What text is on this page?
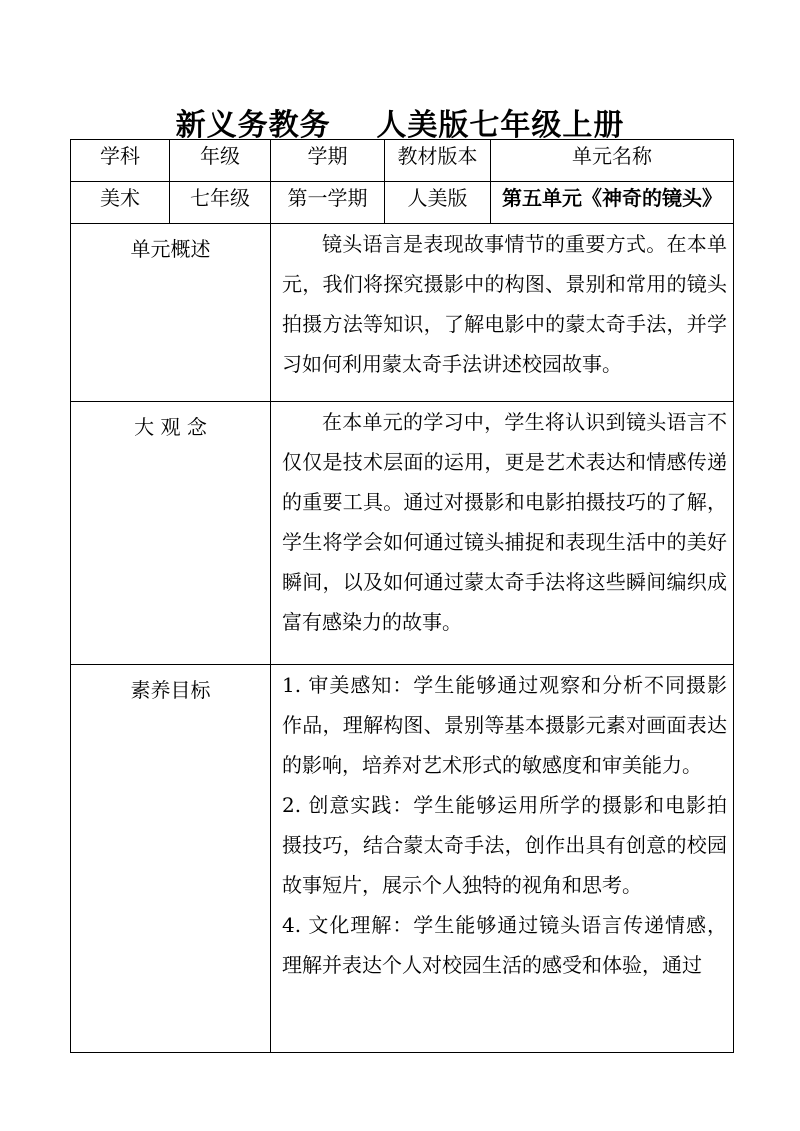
新义务教务    人美版七年级上册
学科	年级	学期	教材版本	单元名称
美术	七年级	第一学期	人美版	第五单元《神奇的镜头》
单元概述		镜头语言是表现故事情节的重要方式。在本单元，我们将探究摄影中的构图、景别和常用的镜头拍摄方法等知识，了解电影中的蒙太奇手法，并学习如何利用蒙太奇手法讲述校园故事。		

大 观 念		在本单元的学习中，学生将认识到镜头语言不仅仅是技术层面的运用，更是艺术表达和情感传递的重要工具。通过对摄影和电影拍摄技巧的了解，学生将学会如何通过镜头捕捉和表现生活中的美好瞬间，以及如何通过蒙太奇手法将这些瞬间编织成富有感染力的故事。		

素养目标		1. 审美感知：学生能够通过观察和分析不同摄影作品，理解构图、景别等基本摄影元素对画面表达的影响，培养对艺术形式的敏感度和审美能力。

2. 创意实践：学生能够运用所学的摄影和电影拍摄技巧，结合蒙太奇手法，创作出具有创意的校园故事短片，展示个人独特的视角和思考。

4. 文化理解：学生能够通过镜头语言传递情感，理解并表达个人对校园生活的感受和体验，通过		
